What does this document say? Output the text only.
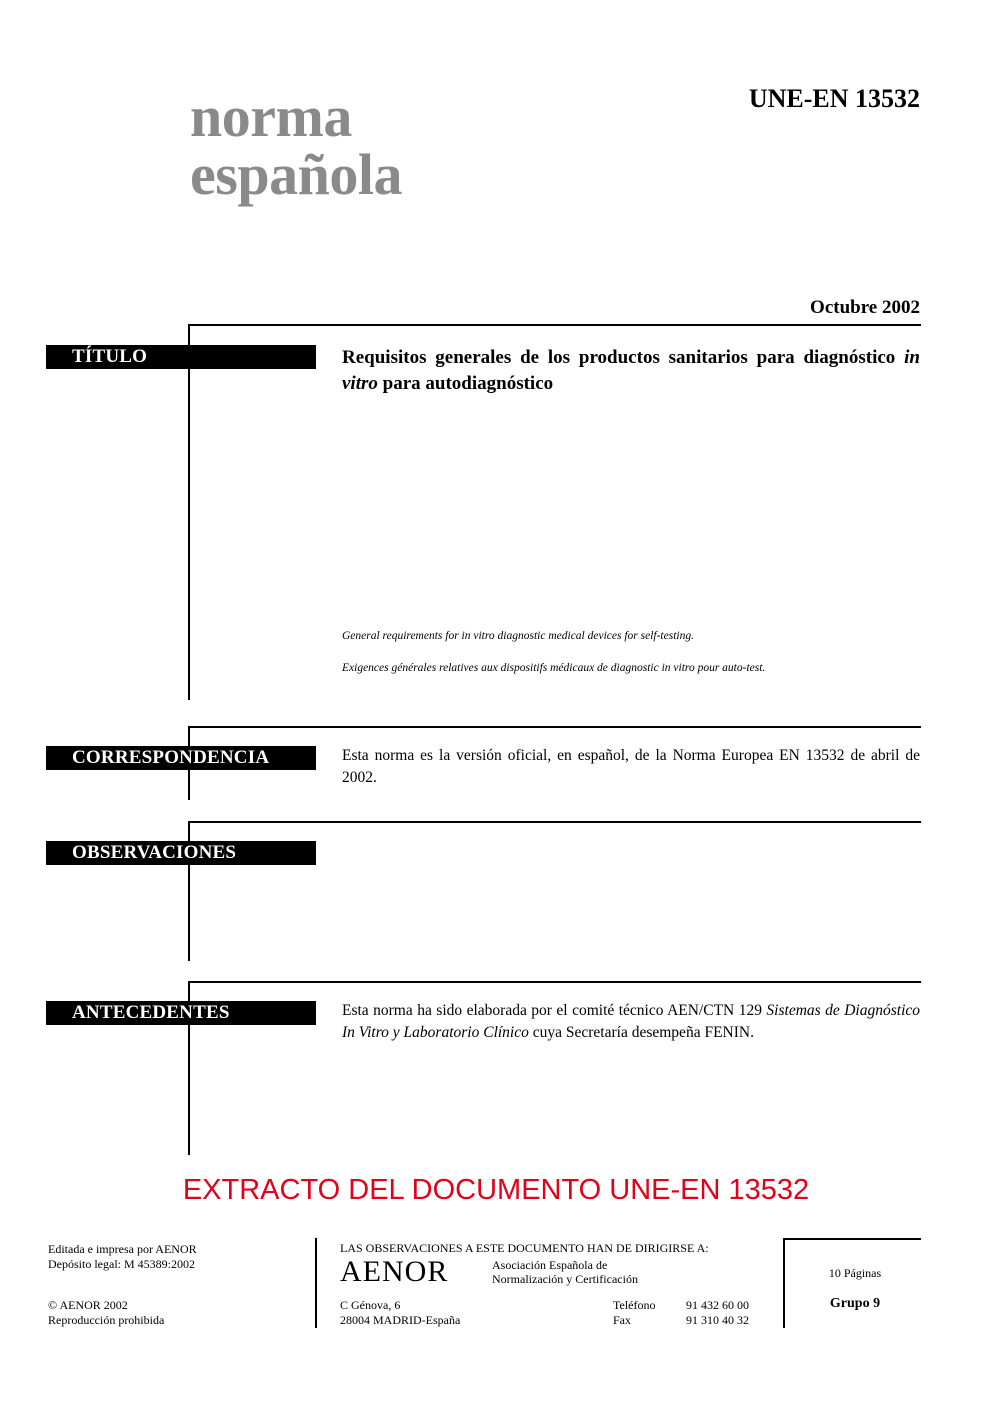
norma
española
UNE-EN 13532
Octubre 2002
TÍTULO	Requisitos generales de los productos sanitarios para diagnóstico in vitro para autodiagnóstico
General requirements for in vitro diagnostic medical devices for self-testing.
Exigences générales relatives aux dispositifs médicaux de diagnostic in vitro pour auto-test.
CORRESPONDENCIA	Esta norma es la versión oficial, en español, de la Norma Europea EN 13532 de abril de 2002.
OBSERVACIONES
ANTECEDENTES	Esta norma ha sido elaborada por el comité técnico AEN/CTN 129 Sistemas de Diagnóstico In Vitro y Laboratorio Clínico cuya Secretaría desempeña FENIN.
EXTRACTO DEL DOCUMENTO UNE-EN 13532
Editada e impresa por AENOR
Depósito legal: M 45389:2002
© AENOR 2002
Reproducción prohibida
LAS OBSERVACIONES A ESTE DOCUMENTO HAN DE DIRIGIRSE A:
AENOR	Asociación Española de
Normalización y Certificación
C Génova, 6
28004 MADRID-España
Teléfono	91 432 60 00
Fax	91 310 40 32
10 Páginas
Grupo 9
